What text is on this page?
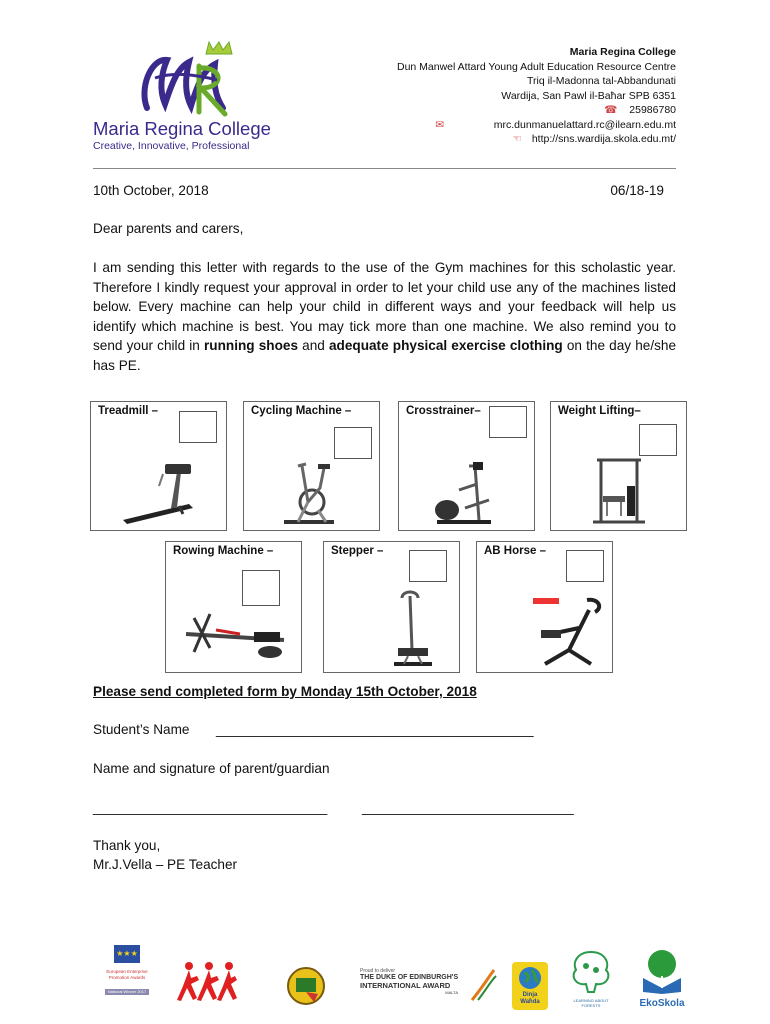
Maria Regina College
Creative, Innovative, Professional
Maria Regina College
Dun Manwel Attard Young Adult Education Resource Centre
Triq il-Madonna tal-Abbandunati
Wardija, San Pawl il-Baħar SPB 6351
☎ 25986780
✉	mrc.dunmanuelattard.rc@ilearn.edu.mt
☜ http://sns.wardija.skola.edu.mt/
10th October, 2018	06/18-19
Dear parents and carers,
I am sending this letter with regards to the use of the Gym machines for this scholastic year. Therefore I kindly request your approval in order to let your child use any of the machines listed below. Every machine can help your child in different ways and your feedback will help us identify which machine is best. You may tick more than one machine. We also remind you to send your child in running shoes and adequate physical exercise clothing on the day he/she has PE.
Treadmill –	Cycling Machine –	Crosstrainer–	Weight Lifting–
Rowing Machine –	Stepper –	AB Horse –
Please send completed form by Monday 15th October, 2018
Student’s Name __________________________________________
Name and signature of parent/guardian
_______________________________	____________________________
Thank you,
Mr.J.Vella – PE Teacher
★★★
European Enterprise Promotion Awards
National Winner 2017
Proud to deliver
THE DUKE OF EDINBURGH'S
INTERNATIONAL AWARD
MALTA	Dinja Waħda	LEARNING ABOUT FORESTS	EkoSkola
